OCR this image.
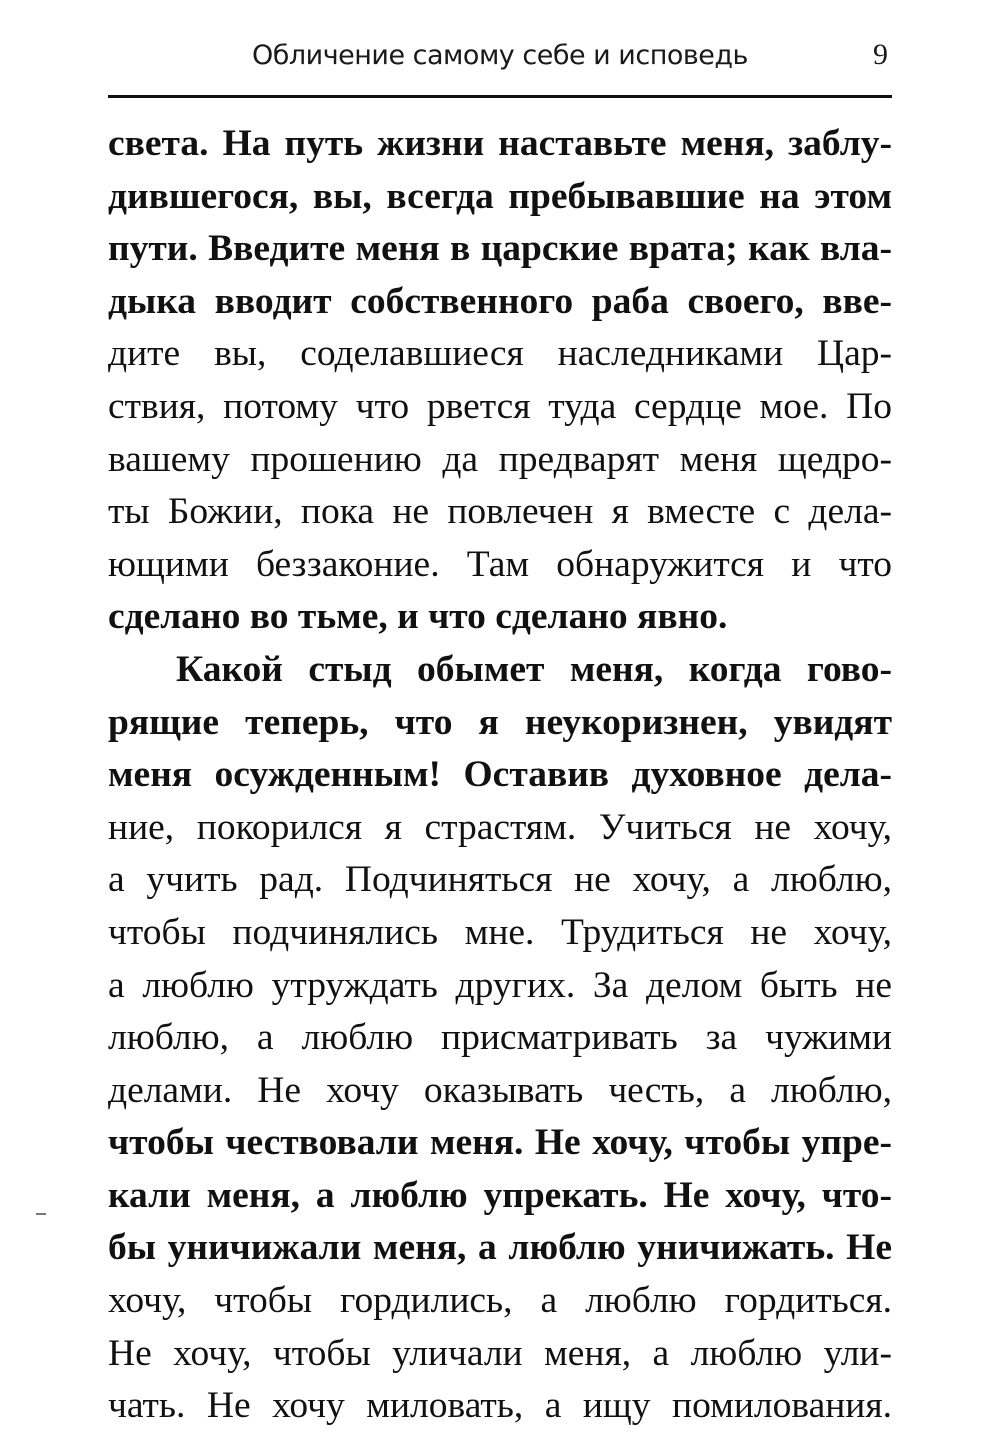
Обличение самому себе и исповедь	9
света. На путь жизни наставьте меня, заблу-
дившегося, вы, всегда пребывавшие на этом
пути. Введите меня в царские врата; как вла-
дыка вводит собственного раба своего, вве-
дите вы, соделавшиеся наследниками Цар-
ствия, потому что рвется туда сердце мое. По
вашему прошению да предварят меня щедро-
ты Божии, пока не повлечен я вместе с дела-
ющими беззаконие. Там обнаружится и что
сделано во тьме, и что сделано явно.
Какой стыд обымет меня, когда гово-
рящие теперь, что я неукоризнен, увидят
меня осужденным! Оставив духовное дела-
ние, покорился я страстям. Учиться не хочу,
а учить рад. Подчиняться не хочу, а люблю,
чтобы подчинялись мне. Трудиться не хочу,
а люблю утруждать других. За делом быть не
люблю, а люблю присматривать за чужими
делами. Не хочу оказывать честь, а люблю,
чтобы чествовали меня. Не хочу, чтобы упре-
кали меня, а люблю упрекать. Не хочу, что-
бы уничижали меня, а люблю уничижать. Не
хочу, чтобы гордились, а люблю гордиться.
Не хочу, чтобы уличали меня, а люблю ули-
чать. Не хочу миловать, а ищу помилования.
